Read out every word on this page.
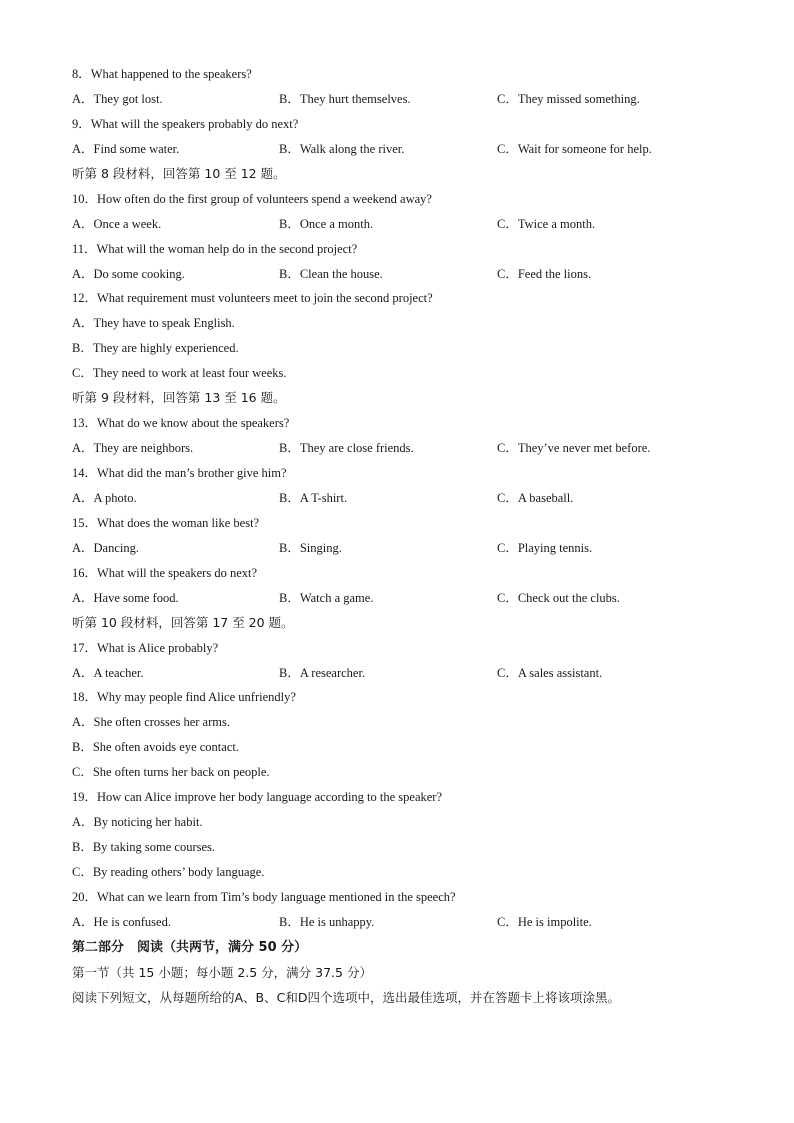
8．What happened to the speakers?
A．They got lost.	B．They hurt themselves.	C．They missed something.
9．What will the speakers probably do next?
A．Find some water.	B．Walk along the river.	C．Wait for someone for help.
听第 8 段材料，回答第 10 至 12 题。
10．How often do the first group of volunteers spend a weekend away?
A．Once a week.	B．Once a month.	C．Twice a month.
11．What will the woman help do in the second project?
A．Do some cooking.	B．Clean the house.	C．Feed the lions.
12．What requirement must volunteers meet to join the second project?
A．They have to speak English.
B．They are highly experienced.
C．They need to work at least four weeks.
听第 9 段材料，回答第 13 至 16 题。
13．What do we know about the speakers?
A．They are neighbors.	B．They are close friends.	C．They’ve never met before.
14．What did the man’s brother give him?
A．A photo.	B．A T-shirt.	C．A baseball.
15．What does the woman like best?
A．Dancing.	B．Singing.	C．Playing tennis.
16．What will the speakers do next?
A．Have some food.	B．Watch a game.	C．Check out the clubs.
听第 10 段材料，回答第 17 至 20 题。
17．What is Alice probably?
A．A teacher.	B．A researcher.	C．A sales assistant.
18．Why may people find Alice unfriendly?
A．She often crosses her arms.
B．She often avoids eye contact.
C．She often turns her back on people.
19．How can Alice improve her body language according to the speaker?
A．By noticing her habit.
B．By taking some courses.
C．By reading others’ body language.
20．What can we learn from Tim’s body language mentioned in the speech?
A．He is confused.	B．He is unhappy.	C．He is impolite.
第二部分　阅读（共两节，满分 50 分）
第一节（共 15 小题；每小题 2.5 分，满分 37.5 分）
阅读下列短文，从每题所给的A、B、C和D四个选项中，选出最佳选项，并在答题卡上将该项涂黑。
